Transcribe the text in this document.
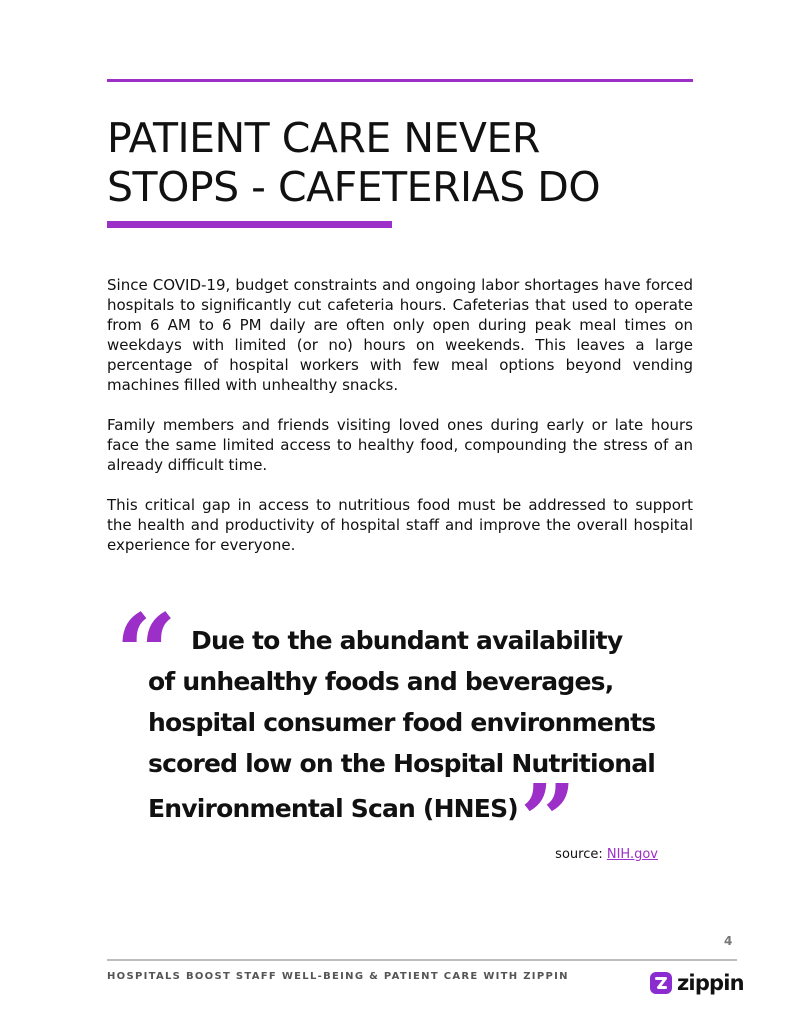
PATIENT CARE NEVER
STOPS - CAFETERIAS DO

Since COVID-19, budget constraints and ongoing labor shortages have forced hospitals to significantly cut cafeteria hours. Cafeterias that used to operate from 6 AM to 6 PM daily are often only open during peak meal times on weekdays with limited (or no) hours on weekends. This leaves a large percentage of hospital workers with few meal options beyond vending machines filled with unhealthy snacks.

Family members and friends visiting loved ones during early or late hours face the same limited access to healthy food, compounding the stress of an already difficult time.

This critical gap in access to nutritious food must be addressed to support the health and productivity of hospital staff and improve the overall hospital experience for everyone.

“ Due to the abundant availability
of unhealthy foods and beverages,
hospital consumer food environments
scored low on the Hospital Nutritional
Environmental Scan (HNES)”

source: NIH.gov
4
HOSPITALS BOOST STAFF WELL-BEING & PATIENT CARE WITH ZIPPIN	zippin
